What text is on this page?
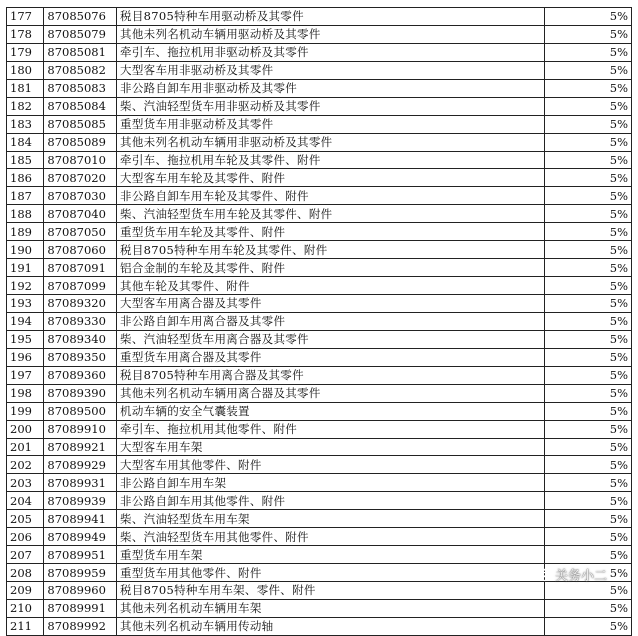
177	87085076	税目8705特种车用驱动桥及其零件	5%
178	87085079	其他未列名机动车辆用驱动桥及其零件	5%
179	87085081	牵引车、拖拉机用非驱动桥及其零件	5%
180	87085082	大型客车用非驱动桥及其零件	5%
181	87085083	非公路自卸车用非驱动桥及其零件	5%
182	87085084	柴、汽油轻型货车用非驱动桥及其零件	5%
183	87085085	重型货车用非驱动桥及其零件	5%
184	87085089	其他未列名机动车辆用非驱动桥及其零件	5%
185	87087010	牵引车、拖拉机用车轮及其零件、附件	5%
186	87087020	大型客车用车轮及其零件、附件	5%
187	87087030	非公路自卸车用车轮及其零件、附件	5%
188	87087040	柴、汽油轻型货车用车轮及其零件、附件	5%
189	87087050	重型货车用车轮及其零件、附件	5%
190	87087060	税目8705特种车用车轮及其零件、附件	5%
191	87087091	铝合金制的车轮及其零件、附件	5%
192	87087099	其他车轮及其零件、附件	5%
193	87089320	大型客车用离合器及其零件	5%
194	87089330	非公路自卸车用离合器及其零件	5%
195	87089340	柴、汽油轻型货车用离合器及其零件	5%
196	87089350	重型货车用离合器及其零件	5%
197	87089360	税目8705特种车用离合器及其零件	5%
198	87089390	其他未列名机动车辆用离合器及其零件	5%
199	87089500	机动车辆的安全气囊装置	5%
200	87089910	牵引车、拖拉机用其他零件、附件	5%
201	87089921	大型客车用车架	5%
202	87089929	大型客车用其他零件、附件	5%
203	87089931	非公路自卸车用车架	5%
204	87089939	非公路自卸车用其他零件、附件	5%
205	87089941	柴、汽油轻型货车用车架	5%
206	87089949	柴、汽油轻型货车用其他零件、附件	5%
207	87089951	重型货车用车架	5%
208	87089959	重型货车用其他零件、附件	5%
209	87089960	税目8705特种车用车架、零件、附件	5%
210	87089991	其他未列名机动车辆用车架	5%
211	87089992	其他未列名机动车辆用传动轴	5%
关务小二
